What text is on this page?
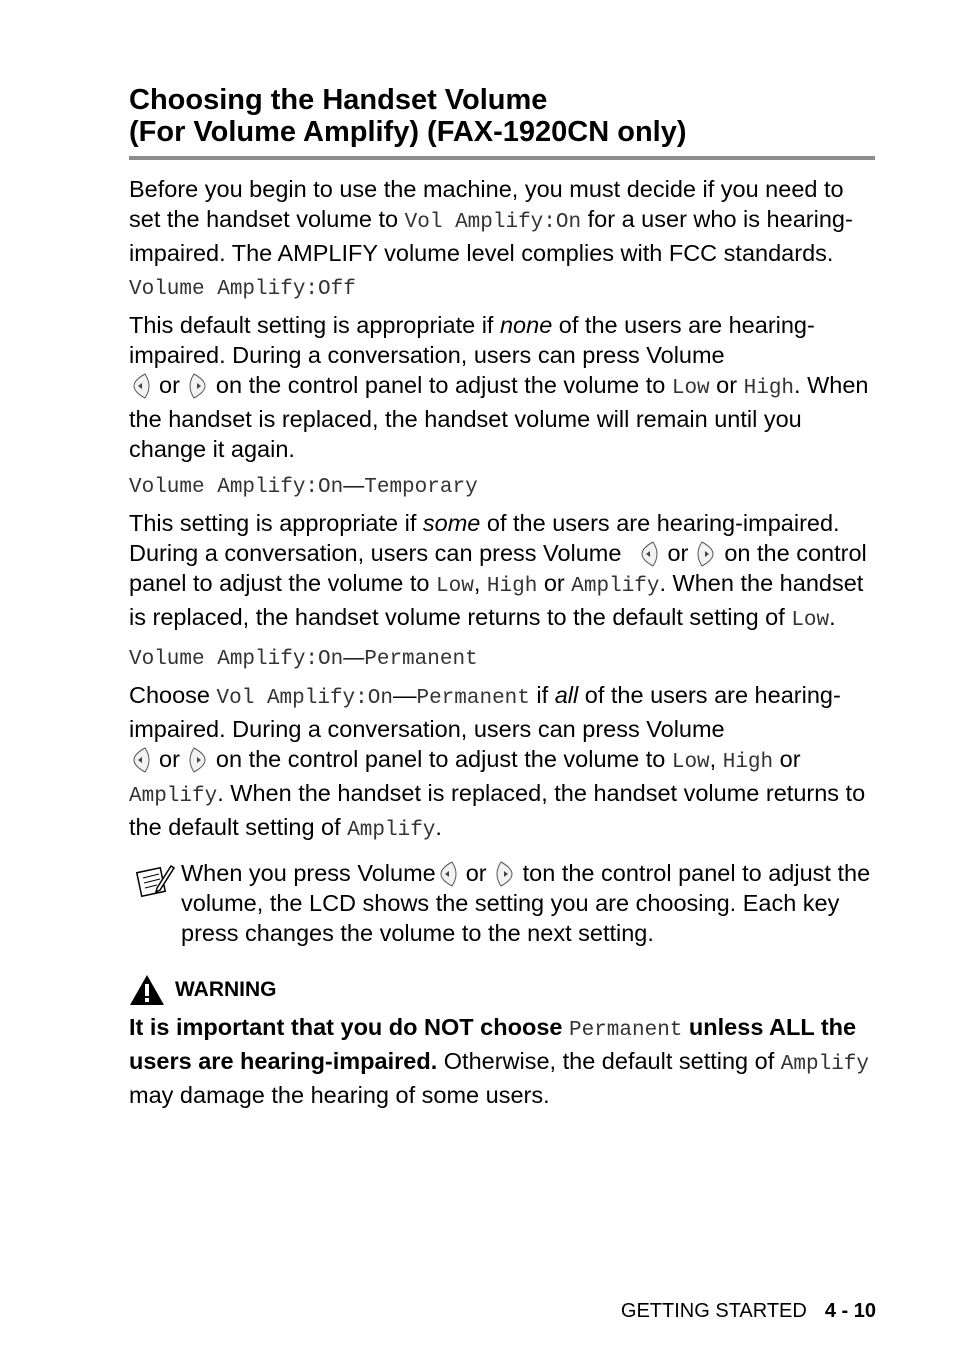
Choosing the Handset Volume
(For Volume Amplify) (FAX-1920CN only)

Before you begin to use the machine, you must decide if you need to set the handset volume to Vol Amplify:On for a user who is hearing-impaired. The AMPLIFY volume level complies with FCC standards.

Volume Amplify:Off

This default setting is appropriate if none of the users are hearing-impaired. During a conversation, users can press Volume
or on the control panel to adjust the volume to Low or High. When the handset is replaced, the handset volume will remain until you change it again.

Volume Amplify:On—Temporary

This setting is appropriate if some of the users are hearing-impaired. During a conversation, users can press Volume or on the control panel to adjust the volume to Low, High or Amplify. When the handset is replaced, the handset volume returns to the default setting of Low.

Volume Amplify:On—Permanent

Choose Vol Amplify:On—Permanent if all of the users are hearing-impaired. During a conversation, users can press Volume
or on the control panel to adjust the volume to Low, High or Amplify. When the handset is replaced, the handset volume returns to the default setting of Amplify.

When you press Volume or ton the control panel to adjust the volume, the LCD shows the setting you are choosing. Each key press changes the volume to the next setting.

WARNING

It is important that you do NOT choose Permanent unless ALL the users are hearing-impaired. Otherwise, the default setting of Amplify may damage the hearing of some users.

GETTING STARTED 4 - 10
